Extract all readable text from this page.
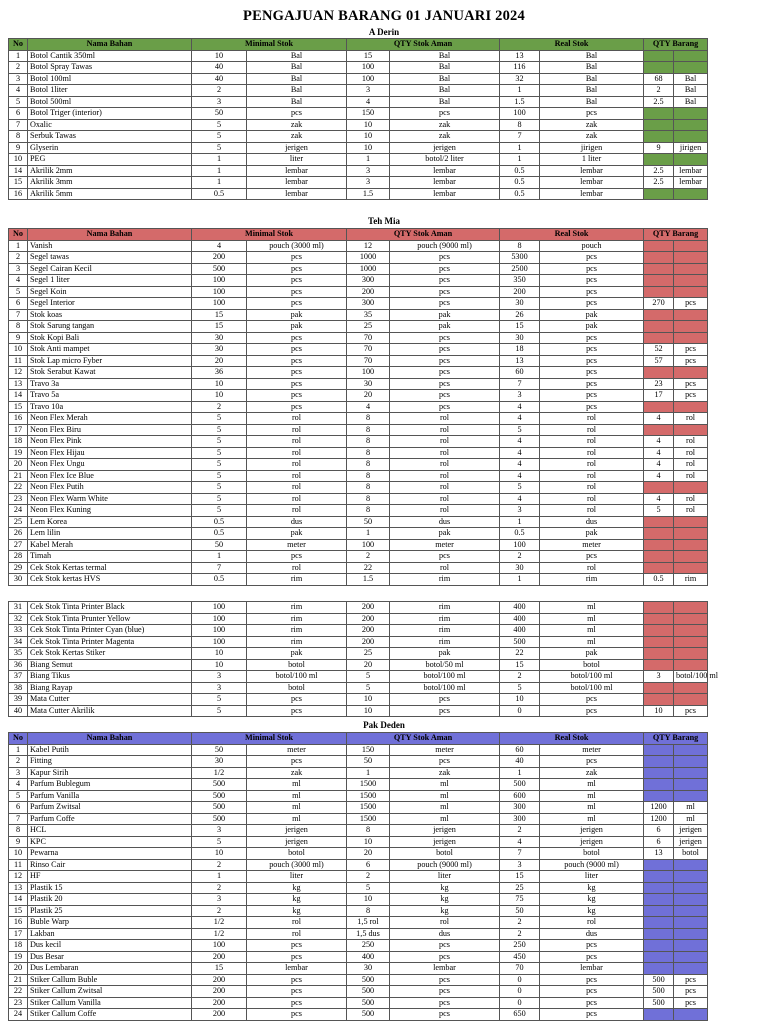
PENGAJUAN BARANG 01 JANUARI 2024
A Derin
No	Nama Bahan	Minimal Stok		QTY Stok Aman		Real Stok		QTY Barang	
1	Botol Cantik 350ml	10	Bal	15	Bal	13	Bal		
2	Botol Spray Tawas	40	Bal	100	Bal	116	Bal		
3	Botol 100ml	40	Bal	100	Bal	32	Bal	68	Bal
4	Botol 1liter	2	Bal	3	Bal	1	Bal	2	Bal
5	Botol 500ml	3	Bal	4	Bal	1.5	Bal	2.5	Bal
6	Botol Triger (interior)	50	pcs	150	pcs	100	pcs		
7	Oxalic	5	zak	10	zak	8	zak		
8	Serbuk Tawas	5	zak	10	zak	7	zak		
9	Glyserin	5	jerigen	10	jerigen	1	jirigen	9	jirigen
10	PEG	1	liter	1	botol/2 liter	1	1 liter		
14	Akrilik 2mm	1	lembar	3	lembar	0.5	lembar	2.5	lembar
15	Akrilik 3mm	1	lembar	3	lembar	0.5	lembar	2.5	lembar
16	Akrilik 5mm	0.5	lembar	1.5	lembar	0.5	lembar		
Teh Mia
No	Nama Bahan	Minimal Stok		QTY Stok Aman		Real Stok		QTY Barang	
1	Vanish	4	pouch (3000 ml)	12	pouch (9000 ml)	8	pouch		
2	Segel tawas	200	pcs	1000	pcs	5300	pcs		
3	Segel Cairan Kecil	500	pcs	1000	pcs	2500	pcs		
4	Segel 1 liter	100	pcs	300	pcs	350	pcs		
5	Segel Koin	100	pcs	200	pcs	200	pcs		
6	Segel Interior	100	pcs	300	pcs	30	pcs	270	pcs
7	Stok koas	15	pak	35	pak	26	pak		
8	Stok Sarung tangan	15	pak	25	pak	15	pak		
9	Stok Kopi Bali	30	pcs	70	pcs	30	pcs		
10	Stok Anti mampet	30	pcs	70	pcs	18	pcs	52	pcs
11	Stok Lap micro Fyber	20	pcs	70	pcs	13	pcs	57	pcs
12	Stok Serabut Kawat	36	pcs	100	pcs	60	pcs		
13	Travo 3a	10	pcs	30	pcs	7	pcs	23	pcs
14	Travo 5a	10	pcs	20	pcs	3	pcs	17	pcs
15	Travo 10a	2	pcs	4	pcs	4	pcs		
16	Neon Flex Merah	5	rol	8	rol	4	rol	4	rol
17	Neon Flex Biru	5	rol	8	rol	5	rol		
18	Neon Flex Pink	5	rol	8	rol	4	rol	4	rol
19	Neon Flex Hijau	5	rol	8	rol	4	rol	4	rol
20	Neon Flex Ungu	5	rol	8	rol	4	rol	4	rol
21	Neon Flex Ice Blue	5	rol	8	rol	4	rol	4	rol
22	Neon Flex Putih	5	rol	8	rol	5	rol		
23	Neon Flex Warm White	5	rol	8	rol	4	rol	4	rol
24	Neon Flex Kuning	5	rol	8	rol	3	rol	5	rol
25	Lem Korea	0.5	dus	50	dus	1	dus		
26	Lem lilin	0.5	pak	1	pak	0.5	pak		
27	Kabel Merah	50	meter	100	meter	100	meter		
28	Timah	1	pcs	2	pcs	2	pcs		
29	Cek Stok Kertas termal	7	rol	22	rol	30	rol		
30	Cek Stok kertas HVS	0.5	rim	1.5	rim	1	rim	0.5	rim
31	Cek Stok Tinta Printer Black	100	rim	200	rim	400	ml		
32	Cek Stok Tinta Prunter Yellow	100	rim	200	rim	400	ml		
33	Cek Stok Tinta Printer Cyan (blue)	100	rim	200	rim	400	ml		
34	Cek Stok Tinta Printer Magenta	100	rim	200	rim	500	ml		
35	Cek Stok Kertas Stiker	10	pak	25	pak	22	pak		
36	Biang Semut	10	botol	20	botol/50 ml	15	botol		
37	Biang Tikus	3	botol/100 ml	5	botol/100 ml	2	botol/100 ml	3	botol/100 ml
38	Biang Rayap	3	botol	5	botol/100 ml	5	botol/100 ml		
39	Mata Cutter	5	pcs	10	pcs	10	pcs		
40	Mata Cutter Akrilik	5	pcs	10	pcs	0	pcs	10	pcs
Pak Deden
No	Nama Bahan	Minimal Stok		QTY Stok Aman		Real Stok		QTY Barang	
1	Kabel Putih	50	meter	150	meter	60	meter		
2	Fitting	30	pcs	50	pcs	40	pcs		
3	Kapur Sirih	1/2	zak	1	zak	1	zak		
4	Parfum Bublegum	500	ml	1500	ml	500	ml		
5	Parfum Vanilla	500	ml	1500	ml	600	ml		
6	Parfum Zwitsal	500	ml	1500	ml	300	ml	1200	ml
7	Parfum Coffe	500	ml	1500	ml	300	ml	1200	ml
8	HCL	3	jerigen	8	jerigen	2	jerigen	6	jerigen
9	KPC	5	jerigen	10	jerigen	4	jerigen	6	jerigen
10	Pewarna	10	botol	20	botol	7	botol	13	botol
11	Rinso Cair	2	pouch (3000 ml)	6	pouch (9000 ml)	3	pouch (9000 ml)		
12	HF	1	liter	2	liter	15	liter		
13	Plastik 15	2	kg	5	kg	25	kg		
14	Plastik 20	3	kg	10	kg	75	kg		
15	Plastik 25	2	kg	8	kg	50	kg		
16	Buble Warp	1/2	rol	1,5 rol	rol	2	rol		
17	Lakban	1/2	rol	1,5 dus	dus	2	dus		
18	Dus kecil	100	pcs	250	pcs	250	pcs		
19	Dus Besar	200	pcs	400	pcs	450	pcs		
20	Dus Lembaran	15	lembar	30	lembar	70	lembar		
21	Stiker Callum Buble	200	pcs	500	pcs	0	pcs	500	pcs
22	Stiker Callum Zwitsal	200	pcs	500	pcs	0	pcs	500	pcs
23	Stiker Callum Vanilla	200	pcs	500	pcs	0	pcs	500	pcs
24	Stiker Callum Coffe	200	pcs	500	pcs	650	pcs		
